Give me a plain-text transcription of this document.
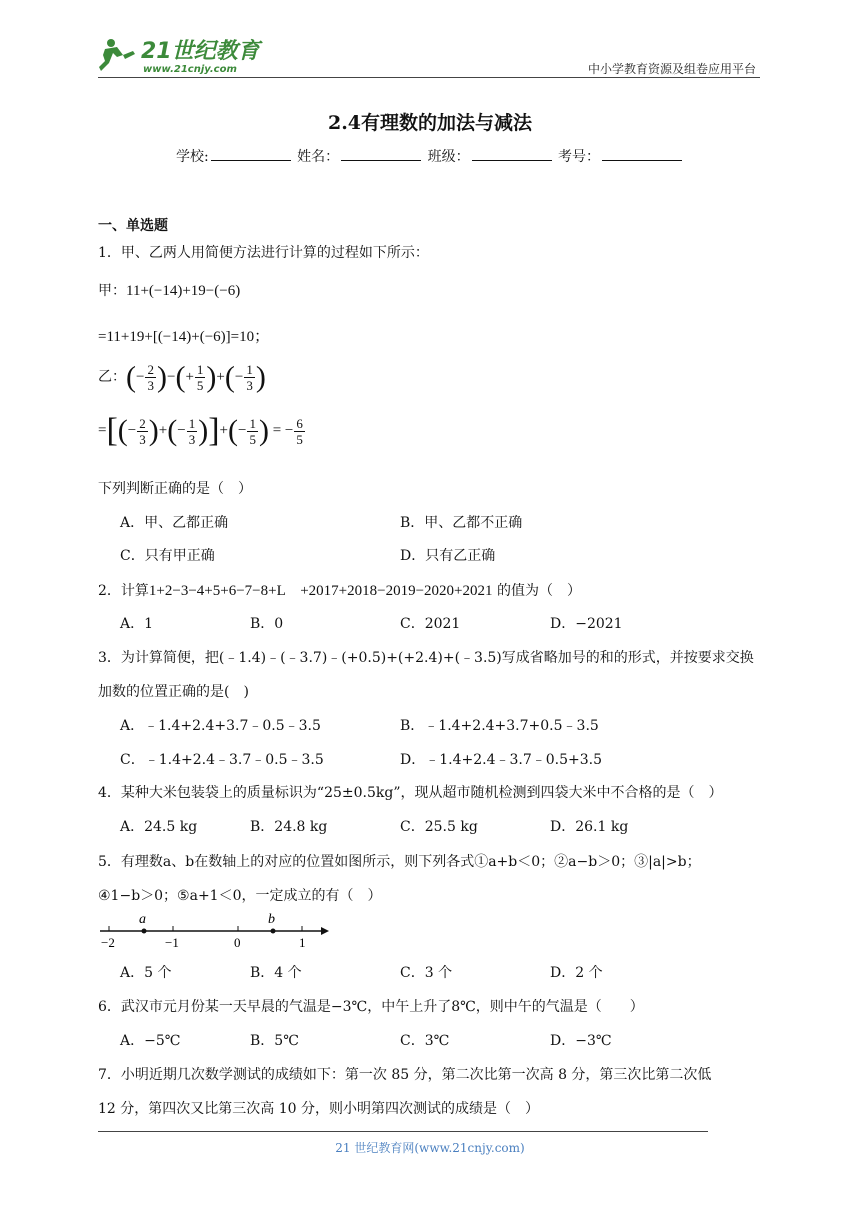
21世纪教育
www.21cnjy.com	中小学教育资源及组卷应用平台
2.4有理数的加法与减法
学校:	姓名：	班级：	考号：
一、单选题
1．甲、乙两人用简便方法进行计算的过程如下所示：
甲：11+(−14)+19−(−6)
=11+19+[(−14)+(−6)]=10；
乙：(− $\frac{2}{3}$ )−(+ $\frac{1}{5}$ )+(− $\frac{1}{3}$ )
=[(− $\frac{2}{3}$ )+(− $\frac{1}{3}$ )]+(− $\frac{1}{5}$ ) = − $\frac{6}{5}$
下列判断正确的是（　）
A．甲、乙都正确	B．甲、乙都不正确
C．只有甲正确	D．只有乙正确
2．计算1+2−3−4+5+6−7−8+L　+2017+2018−2019−2020+2021 的值为（　）
A．1	B．0	C．2021	D．−2021
3．为计算简便，把(﹣1.4)﹣(﹣3.7)﹣(+0.5)+(+2.4)+(﹣3.5)写成省略加号的和的形式，并按要求交换
加数的位置正确的是(　)
A．﹣1.4+2.4+3.7﹣0.5﹣3.5	B．﹣1.4+2.4+3.7+0.5﹣3.5
C．﹣1.4+2.4﹣3.7﹣0.5﹣3.5	D．﹣1.4+2.4﹣3.7﹣0.5+3.5
4．某种大米包装袋上的质量标识为“25±0.5kg”，现从超市随机检测到四袋大米中不合格的是（　）
A．24.5 kg	B．24.8 kg	C．25.5 kg	D．26.1 kg
5．有理数a、b在数轴上的对应的位置如图所示，则下列各式①a+b＜0；②a−b＞0；③|a|>b；
④1−b＞0；⑤a+1＜0，一定成立的有（　）
a	b
−2	−1	0	1
A．5 个	B．4 个	C．3 个	D．2 个
6．武汉市元月份某一天早晨的气温是−3℃，中午上升了8℃，则中午的气温是（　　）
A．−5℃	B．5℃	C．3℃	D．−3℃
7．小明近期几次数学测试的成绩如下：第一次 85 分，第二次比第一次高 8 分，第三次比第二次低
12 分，第四次又比第三次高 10 分，则小明第四次测试的成绩是（　）
21 世纪教育网(www.21cnjy.com)
